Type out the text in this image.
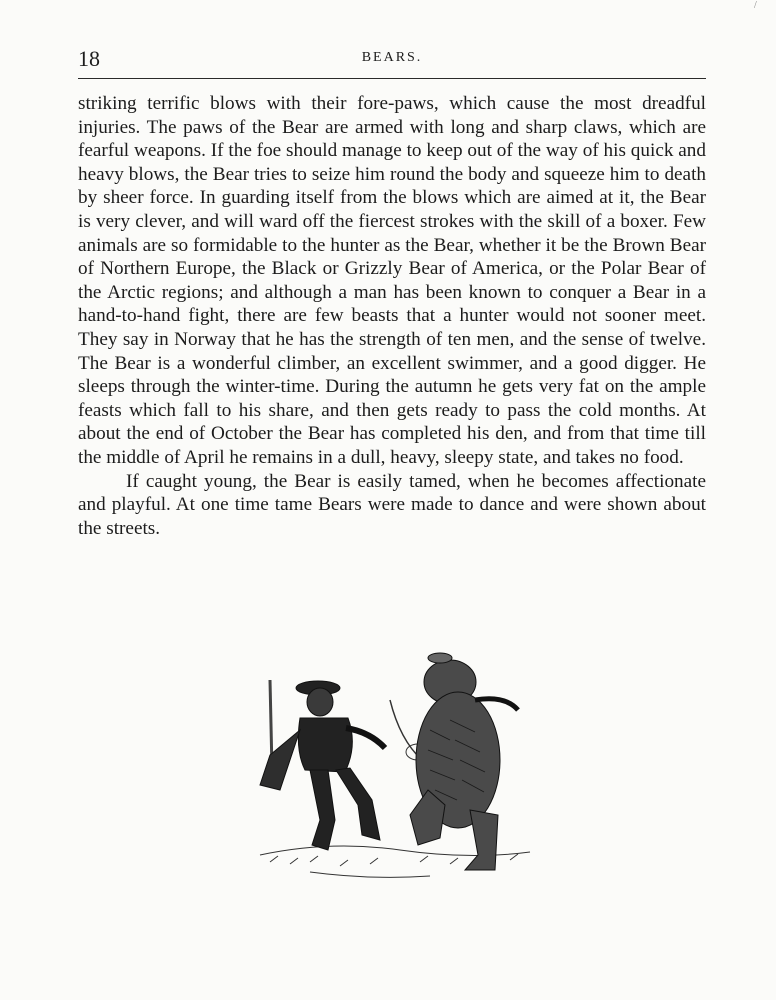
/
18	BEARS.

striking terrific blows with their fore-paws, which cause the most dreadful injuries. The paws of the Bear are armed with long and sharp claws, which are fearful weapons. If the foe should manage to keep out of the way of his quick and heavy blows, the Bear tries to seize him round the body and squeeze him to death by sheer force. In guarding itself from the blows which are aimed at it, the Bear is very clever, and will ward off the fiercest strokes with the skill of a boxer. Few animals are so formidable to the hunter as the Bear, whether it be the Brown Bear of Northern Europe, the Black or Grizzly Bear of America, or the Polar Bear of the Arctic regions; and although a man has been known to conquer a Bear in a hand-to-hand fight, there are few beasts that a hunter would not sooner meet. They say in Norway that he has the strength of ten men, and the sense of twelve. The Bear is a wonderful climber, an excellent swimmer, and a good digger. He sleeps through the winter-time. During the autumn he gets very fat on the ample feasts which fall to his share, and then gets ready to pass the cold months. At about the end of October the Bear has completed his den, and from that time till the middle of April he remains in a dull, heavy, sleepy state, and takes no food.

If caught young, the Bear is easily tamed, when he becomes affectionate and playful. At one time tame Bears were made to dance and were shown about the streets.
